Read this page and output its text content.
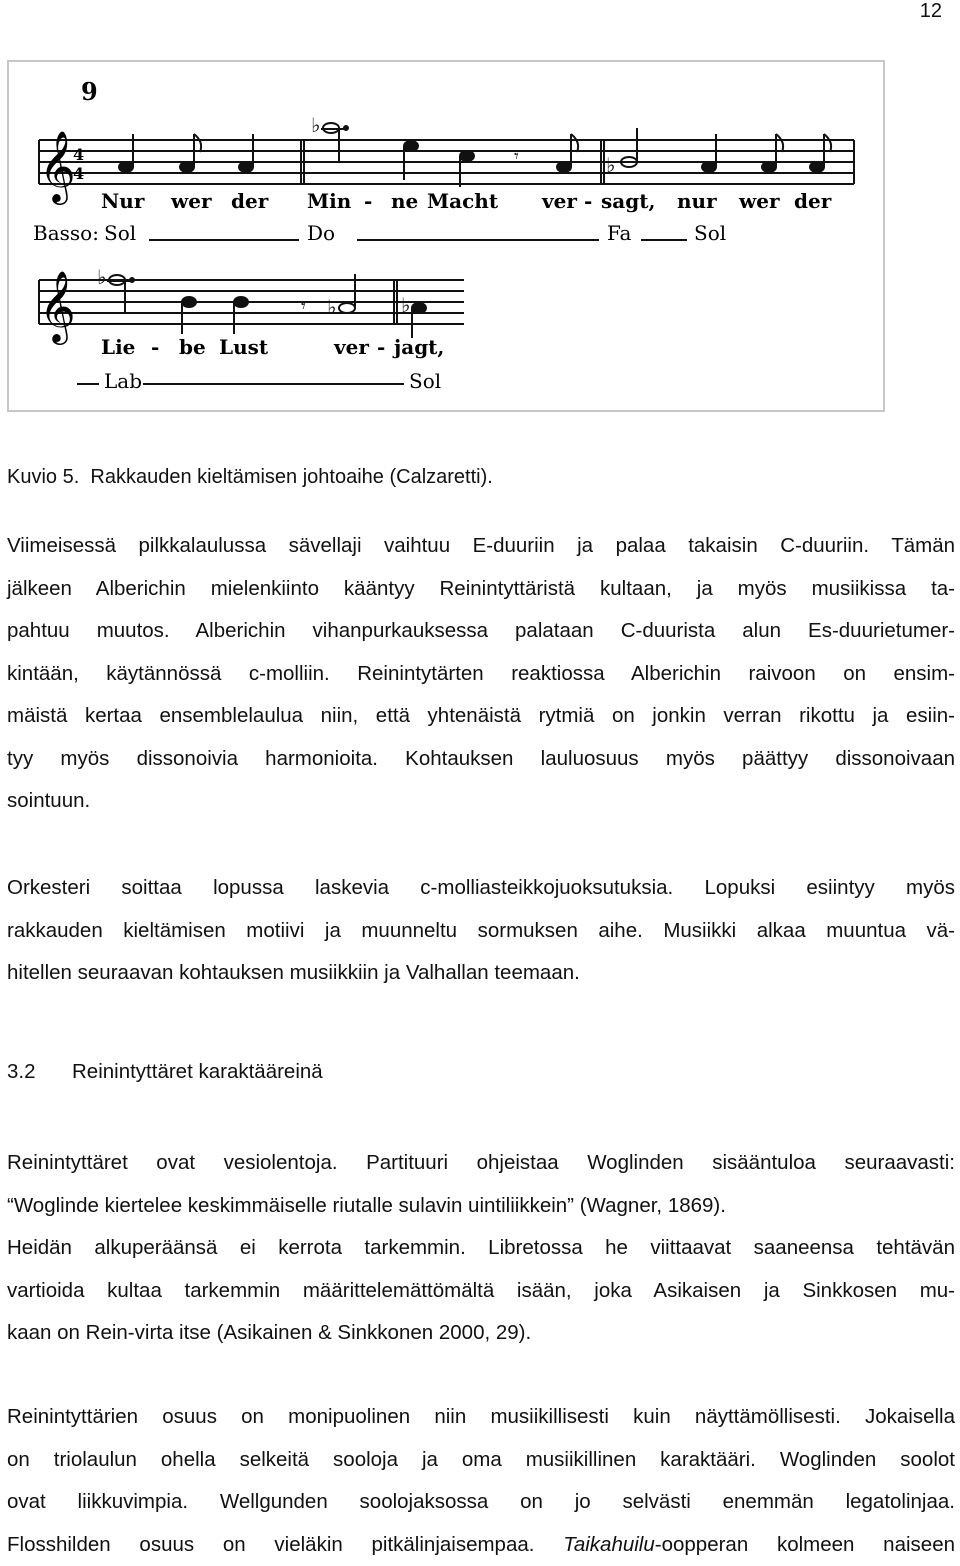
12
9
𝄞
4
4
♭
𝄾	♭
Nur wer der Min - ne Macht ver - sagt, nur wer der
Basso: Sol	Do	Fa	Sol
𝄞 ♭
𝄾 ♭	♭
Lie - be Lust	ver - jagt,
Lab	Sol
Kuvio 5. Rakkauden kieltämisen johtoaihe (Calzaretti).

Viimeisessä pilkkalaulussa sävellaji vaihtuu E-duuriin ja palaa takaisin C-duuriin. Tämän
jälkeen Alberichin mielenkiinto kääntyy Reinintyttäristä kultaan, ja myös musiikissa ta-
pahtuu muutos. Alberichin vihanpurkauksessa palataan C-duurista alun Es-duurietumer-
kintään, käytännössä c-molliin. Reinintytärten reaktiossa Alberichin raivoon on ensim-
mäistä kertaa ensemblelaulua niin, että yhtenäistä rytmiä on jonkin verran rikottu ja esiin-
tyy myös dissonoivia harmonioita. Kohtauksen lauluosuus myös päättyy dissonoivaan
sointuun.

Orkesteri soittaa lopussa laskevia c-molliasteikkojuoksutuksia. Lopuksi esiintyy myös
rakkauden kieltämisen motiivi ja muunneltu sormuksen aihe. Musiikki alkaa muuntua vä-
hitellen seuraavan kohtauksen musiikkiin ja Valhallan teemaan.

3.2 Reinintyttäret karaktääreinä

Reinintyttäret ovat vesiolentoja. Partituuri ohjeistaa Woglinden sisääntuloa seuraavasti:
“Woglinde kiertelee keskimmäiselle riutalle sulavin uintiliikkein” (Wagner, 1869).
Heidän alkuperäänsä ei kerrota tarkemmin. Libretossa he viittaavat saaneensa tehtävän
vartioida kultaa tarkemmin määrittelemättömältä isään, joka Asikaisen ja Sinkkosen mu-
kaan on Rein-virta itse (Asikainen & Sinkkonen 2000, 29).

Reinintyttärien osuus on monipuolinen niin musiikillisesti kuin näyttämöllisesti. Jokaisella
on triolaulun ohella selkeitä sooloja ja oma musiikillinen karaktääri. Woglinden soolot
ovat liikkuvimpia. Wellgunden soolojaksossa on jo selvästi enemmän legatolinjaa.
Flosshilden osuus on vieläkin pitkälinjaisempaa. Taikahuilu-oopperan kolmeen naiseen
